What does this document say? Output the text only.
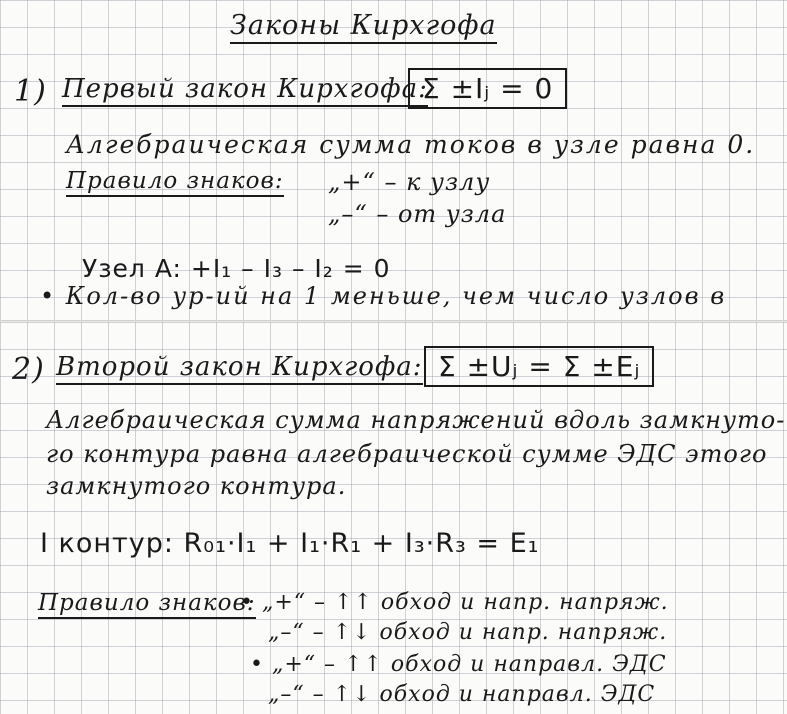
Законы Кирхгофа
1) Первый закон Кирхгофа:
Σ ±Iⱼ = 0
Алгебраическая сумма токов в узле равна 0.
Правило знаков: „+“ – к узлу
„–“ – от узла
Узел A: +I₁ – I₃ – I₂ = 0
• Кол-во ур-ий на 1 меньше, чем число узлов в
2) Второй закон Кирхгофа: Σ ±Uⱼ = Σ ±Eⱼ
Алгебраическая сумма напряжений вдоль замкнуто-
го контура равна алгебраической сумме ЭДС этого
замкнутого контура.
I контур: R₀₁·I₁ + I₁·R₁ + I₃·R₃ = E₁
Правило знаков:
• „+“ – ↑↑ обход и напр. напряж.
„–“ – ↑↓ обход и напр. напряж.
• „+“ – ↑↑ обход и направл. ЭДС
„–“ – ↑↓ обход и направл. ЭДС
